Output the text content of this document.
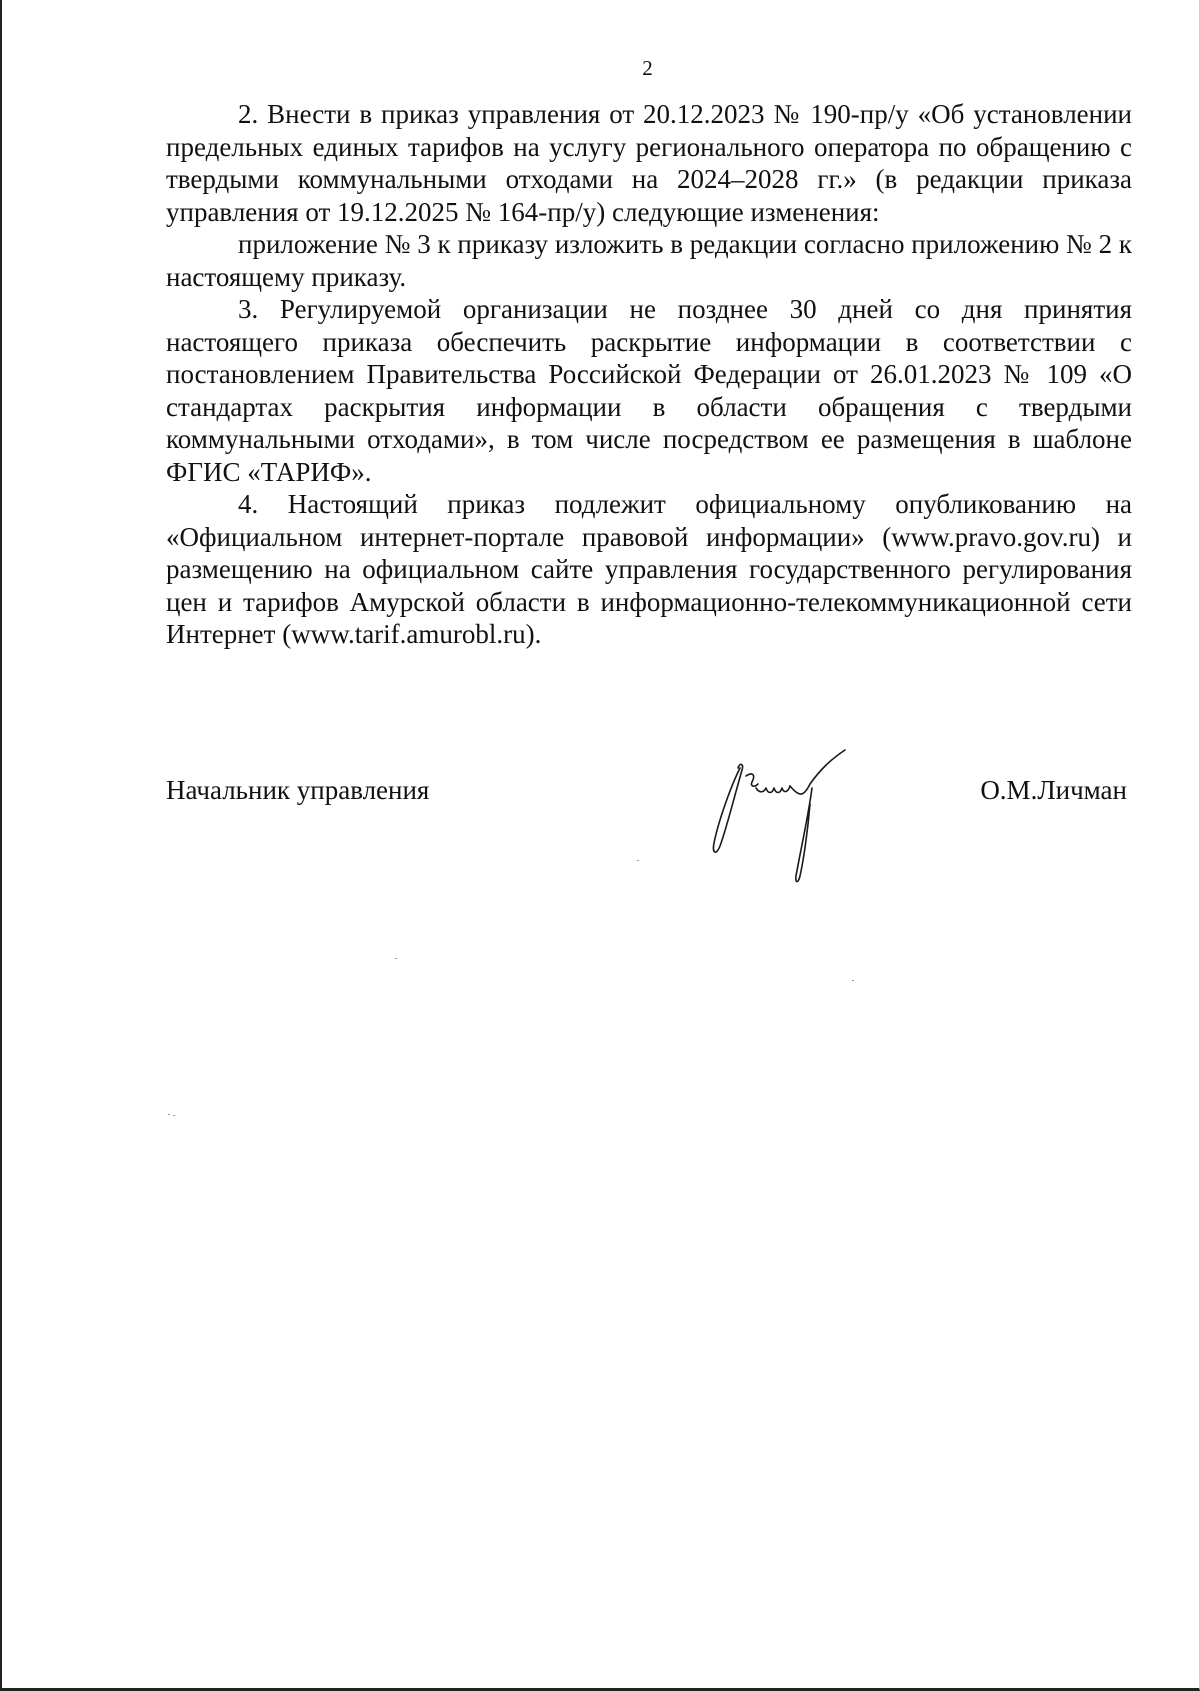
2

2. Внести в приказ управления от 20.12.2023 № 190-пр/у «Об установлении предельных единых тарифов на услугу регионального оператора по обращению с твердыми коммунальными отходами на 2024–2028 гг.» (в редакции приказа управления от 19.12.2025 № 164-пр/у) следующие изменения:

приложение № 3 к приказу изложить в редакции согласно приложению № 2 к настоящему приказу.

3. Регулируемой организации не позднее 30 дней со дня принятия настоящего приказа обеспечить раскрытие информации в соответствии с постановлением Правительства Российской Федерации от 26.01.2023 № 109 «О стандартах раскрытия информации в области обращения с твердыми коммунальными отходами», в том числе посредством ее размещения в шаблоне ФГИС «ТАРИФ».

4. Настоящий приказ подлежит официальному опубликованию на «Официальном интернет-портале правовой информации» (www.pravo.gov.ru) и размещению на официальном сайте управления государственного регулирования цен и тарифов Амурской области в информационно-телекоммуникационной сети Интернет (www.tarif.amurobl.ru).

Начальник управления	О.М.Личман
